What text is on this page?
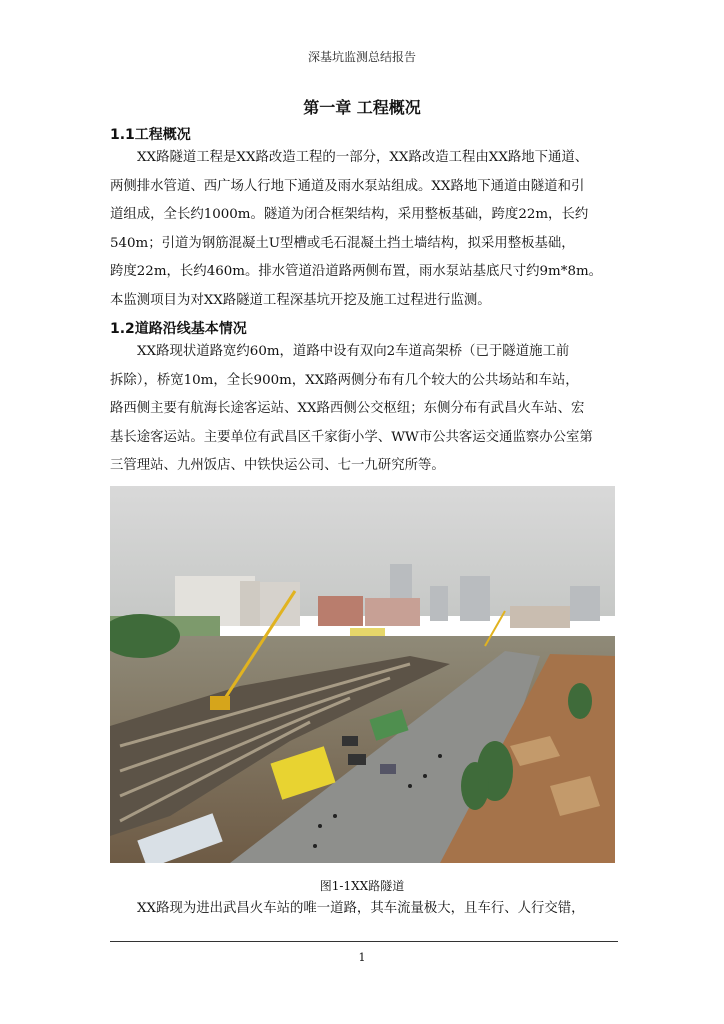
深基坑监测总结报告
第一章 工程概况
1.1工程概况

XX路隧道工程是XX路改造工程的一部分，XX路改造工程由XX路地下通道、
两侧排水管道、西广场人行地下通道及雨水泵站组成。XX路地下通道由隧道和引
道组成，全长约1000m。隧道为闭合框架结构，采用整板基础，跨度22m，长约
540m；引道为钢筋混凝土U型槽或毛石混凝土挡土墙结构，拟采用整板基础，
跨度22m，长约460m。排水管道沿道路两侧布置，雨水泵站基底尺寸约9m*8m。
本监测项目为对XX路隧道工程深基坑开挖及施工过程进行监测。

1.2道路沿线基本情况

XX路现状道路宽约60m，道路中设有双向2车道高架桥（已于隧道施工前
拆除），桥宽10m，全长900m，XX路两侧分布有几个较大的公共场站和车站，
路西侧主要有航海长途客运站、XX路西侧公交枢纽；东侧分布有武昌火车站、宏
基长途客运站。主要单位有武昌区千家街小学、WW市公共客运交通监察办公室第
三管理站、九州饭店、中铁快运公司、七一九研究所等。

图1-1XX路隧道

XX路现为进出武昌火车站的唯一道路，其车流量极大，且车行、人行交错，

1
